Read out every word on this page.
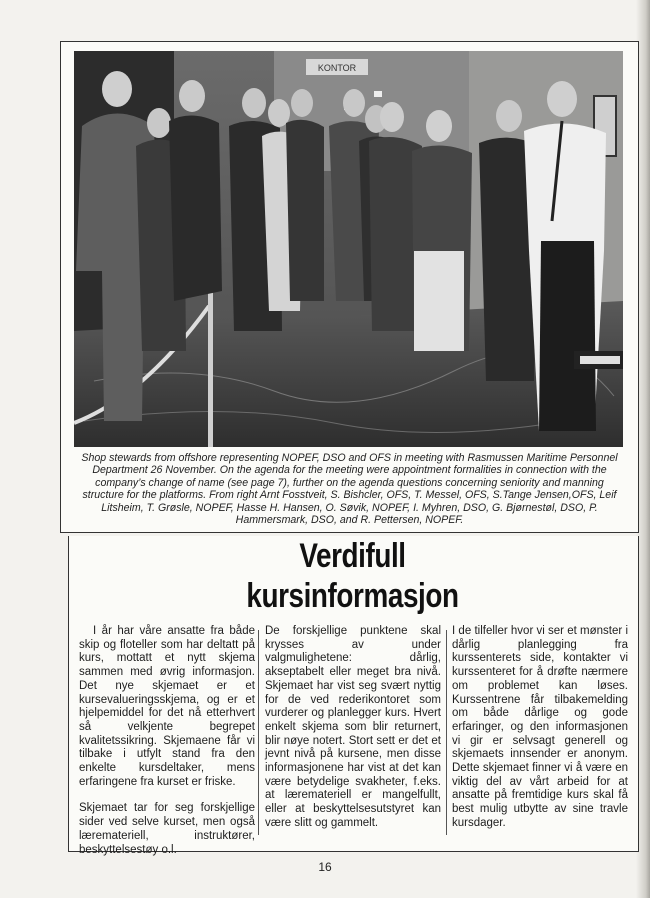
KONTOR

Shop stewards from offshore representing NOPEF, DSO and OFS in meeting with Rasmussen Maritime Personnel Department 26 November. On the agenda for the meeting were appointment formalities in connection with the company’s change of name (see page 7), further on the agenda questions concerning seniority and manning structure for the platforms. From right Arnt Fosstveit, S. Bishcler, OFS, T. Messel, OFS, S.Tange Jensen,OFS, Leif Litsheim, T. Grøsle, NOPEF, Hasse H. Hansen, O. Søvik, NOPEF, I. Myhren, DSO, G. Bjørnestøl, DSO, P. Hammersmark, DSO, and R. Pettersen, NOPEF.

Verdifull
kursinformasjon

I år har våre ansatte fra både skip og floteller som har deltatt på kurs, mottatt et nytt skjema sammen med øvrig informasjon. Det nye skjemaet er et kursevalueringsskjema, og er et hjelpemiddel for det nå etterhvert så velkjente begrepet kvalitetssikring. Skjemaene får vi tilbake i utfylt stand fra den enkelte kursdeltaker, mens erfaringene fra kurset er friske.

Skjemaet tar for seg forskjellige sider ved selve kurset, men også læremateriell, instruktører, beskyttelsestøy o.l.

De forskjellige punktene skal krysses av under valgmulighetene: dårlig, akseptabelt eller meget bra nivå. Skjemaet har vist seg svært nyttig for de ved rederikontoret som vurderer og planlegger kurs. Hvert enkelt skjema som blir returnert, blir nøye notert. Stort sett er det et jevnt nivå på kursene, men disse informasjonene har vist at det kan være betydelige svakheter, f.eks. at læremateriell er mangelfullt, eller at beskyttelsesutstyret kan være slitt og gammelt.

I de tilfeller hvor vi ser et mønster i dårlig planlegging fra kurssenterets side, kontakter vi kurssenteret for å drøfte nærmere om problemet kan løses. Kurssentrene får tilbakemelding om både dårlige og gode erfaringer, og den informasjonen vi gir er selvsagt generell og skjemaets innsender er anonym. Dette skjemaet finner vi å være en viktig del av vårt arbeid for at ansatte på fremtidige kurs skal få best mulig utbytte av sine travle kursdager.

16
